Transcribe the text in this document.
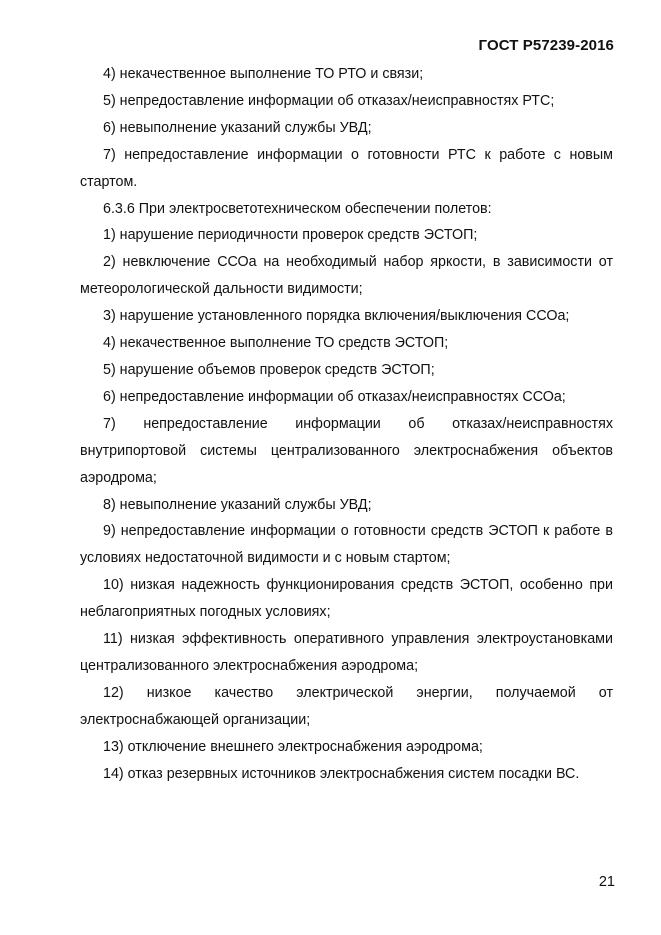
ГОСТ Р57239-2016

4) некачественное выполнение ТО РТО и связи;

5) непредоставление информации об отказах/неисправностях РТС;

6) невыполнение указаний службы УВД;

7) непредоставление информации о готовности РТС к работе с новым стартом.

6.3.6 При электросветотехническом обеспечении полетов:

1) нарушение периодичности проверок средств ЭСТОП;

2) невключение ССОа на необходимый набор яркости, в зависимости от метеорологической дальности видимости;

3) нарушение установленного порядка включения/выключения ССОа;

4) некачественное выполнение ТО средств ЭСТОП;

5) нарушение объемов проверок средств ЭСТОП;

6) непредоставление информации об отказах/неисправностях ССОа;

7) непредоставление информации об отказах/неисправностях внутрипортовой системы централизованного электроснабжения объектов аэродрома;

8) невыполнение указаний службы УВД;

9) непредоставление информации о готовности средств ЭСТОП к работе в условиях недостаточной видимости и с новым стартом;

10) низкая надежность функционирования средств ЭСТОП, особенно при неблагоприятных погодных условиях;

11) низкая эффективность оперативного управления электроустановками централизованного электроснабжения аэродрома;

12) низкое качество электрической энергии, получаемой от электроснабжающей организации;

13) отключение внешнего электроснабжения аэродрома;

14) отказ резервных источников электроснабжения систем посадки ВС.

21
